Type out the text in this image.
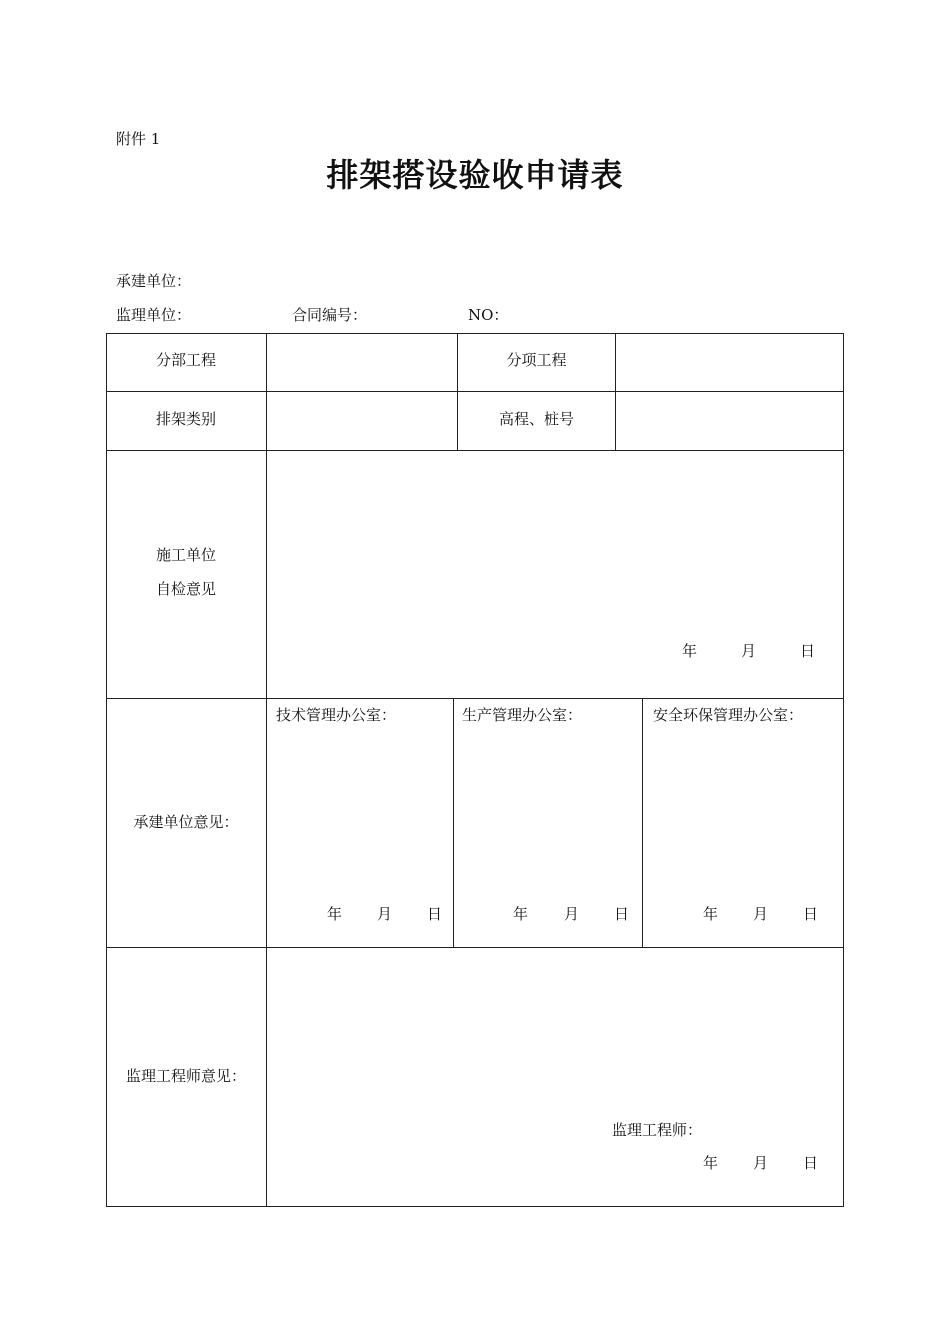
附件 1
排架搭设验收申请表
承建单位：
监理单位：	合同编号：	NO：
分部工程	分项工程
排架类别	高程、桩号
施工单位
自检意见
年	月	日
承建单位意见：
技术管理办公室：	生产管理办公室：	安全环保管理办公室：
年 月 日	年 月 日	年 月 日
监理工程师意见：
监理工程师：
年 月 日
